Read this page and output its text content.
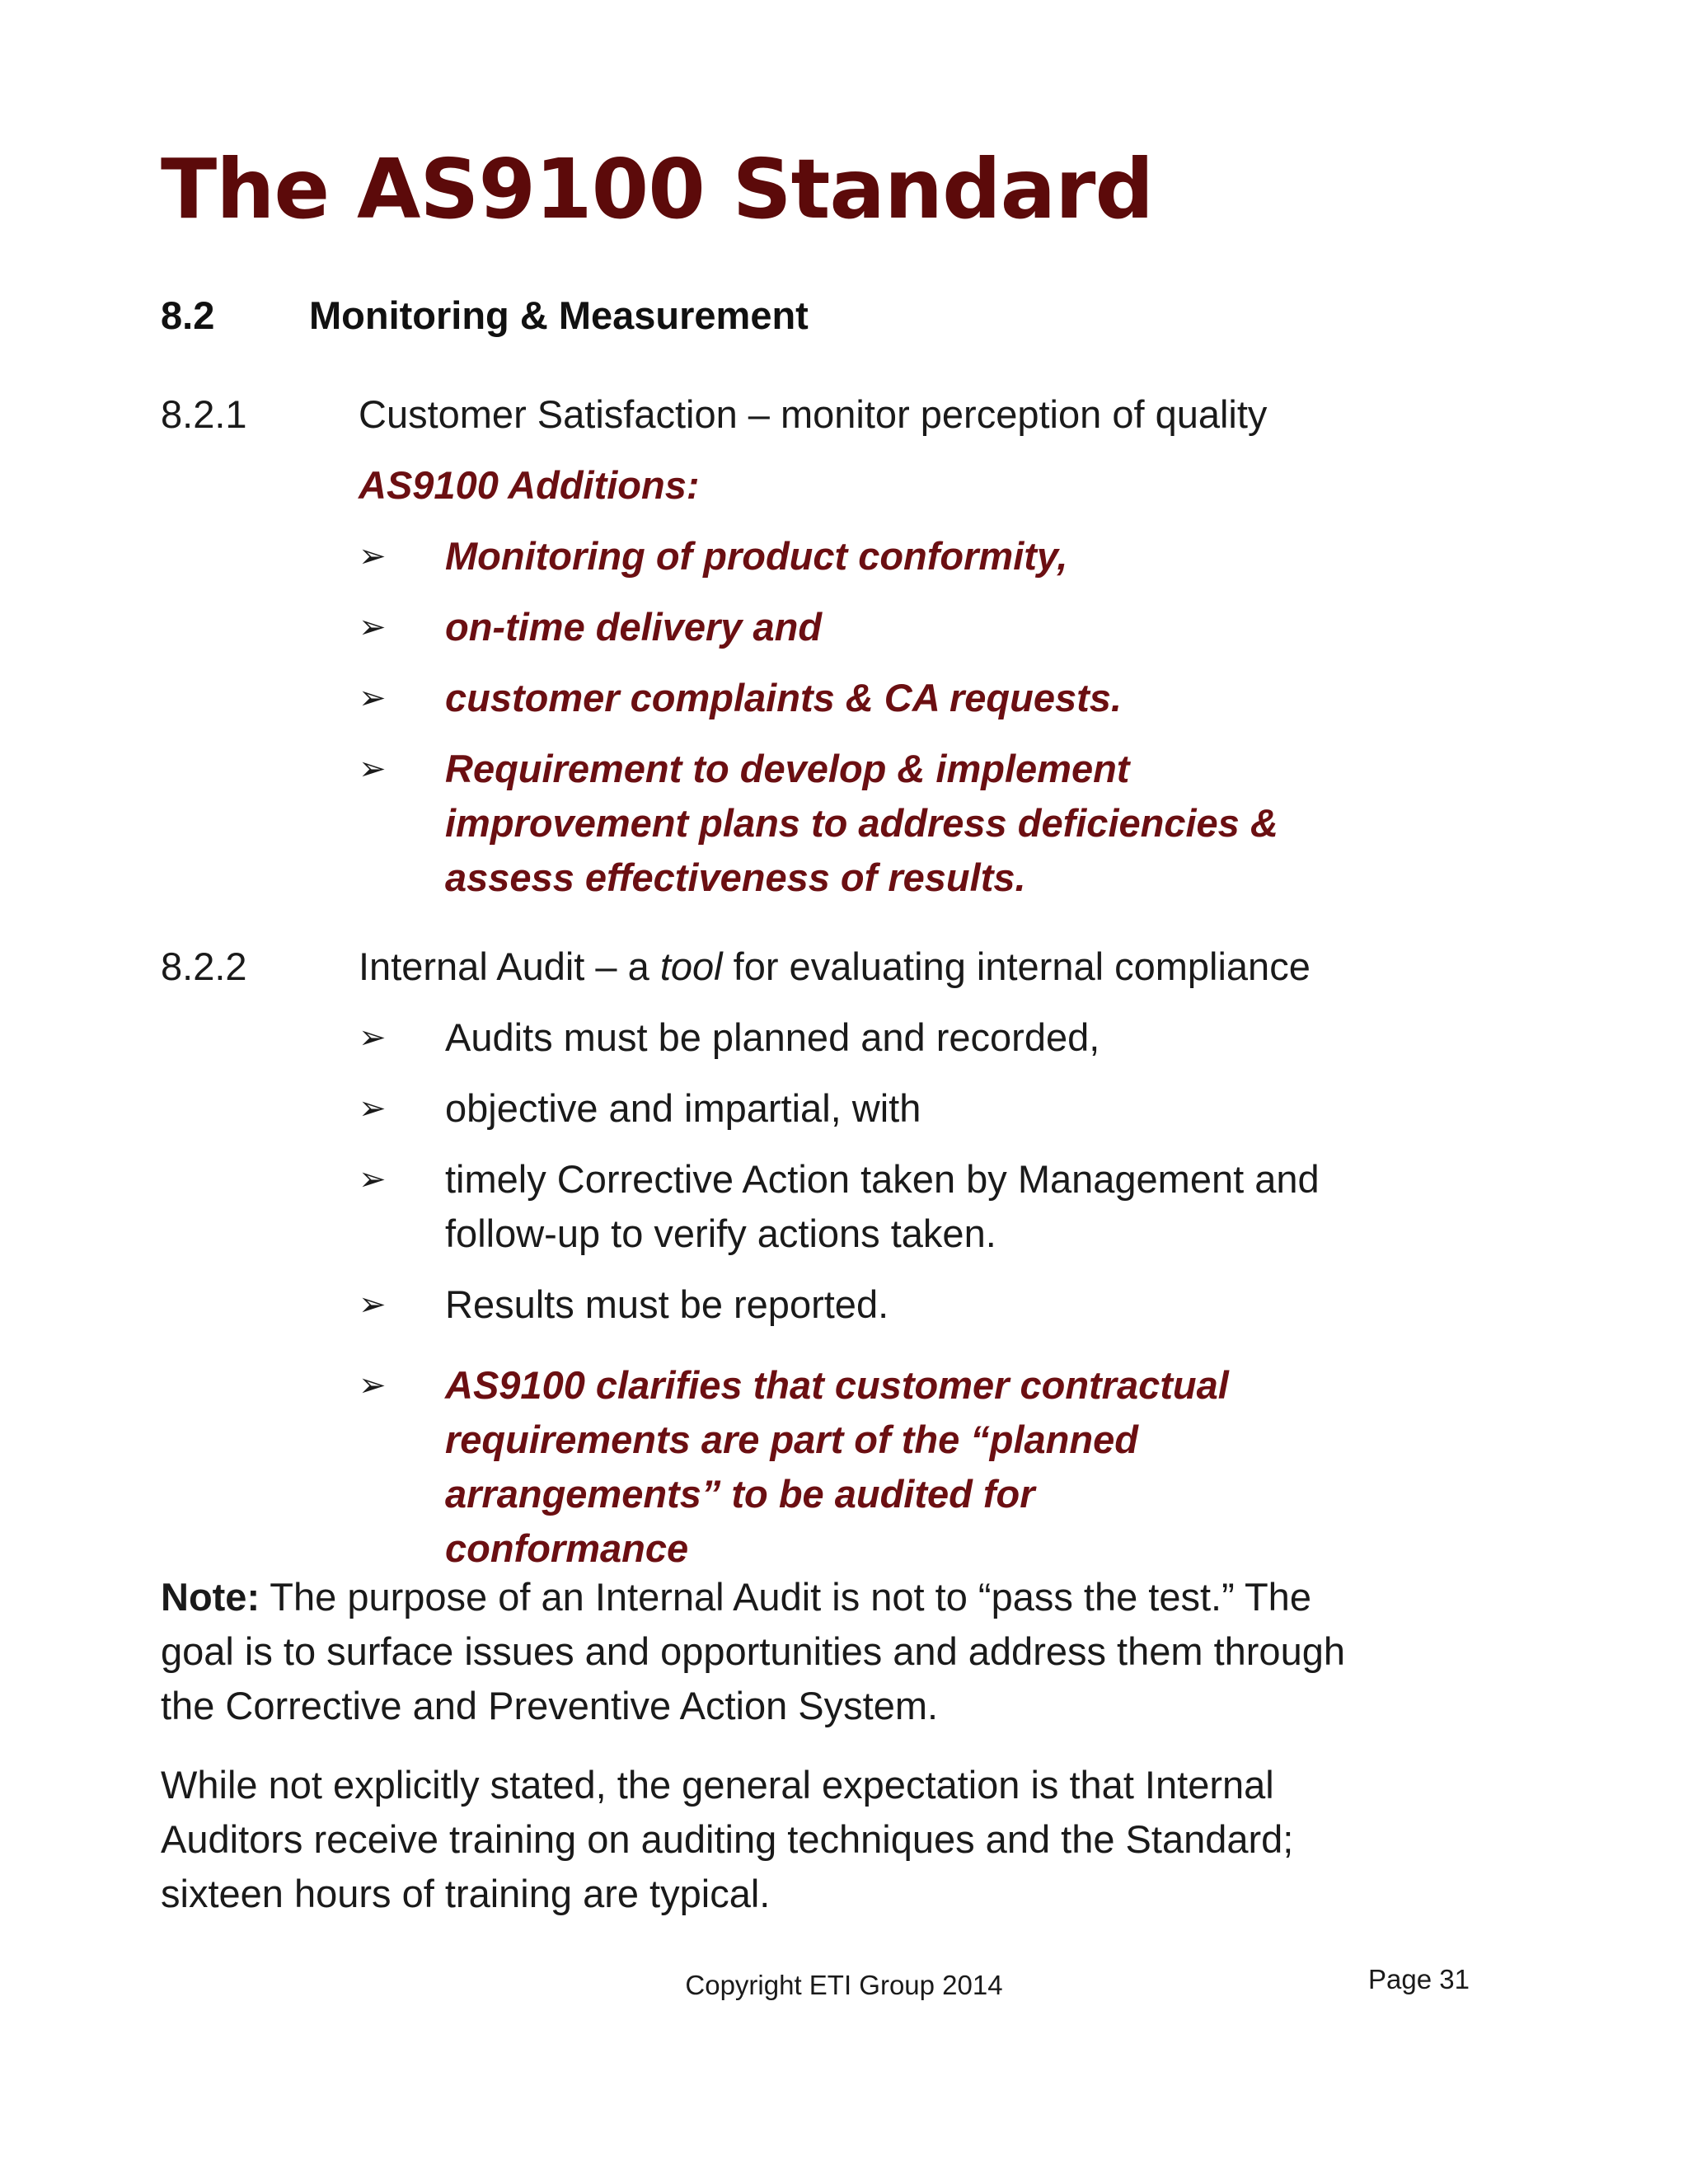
The AS9100 Standard
8.2 Monitoring & Measurement
8.2.1	Customer Satisfaction – monitor perception of quality
AS9100 Additions:
➢ Monitoring of product conformity,
➢ on-time delivery and
➢ customer complaints & CA requests.
➢ Requirement to develop & implement improvement plans to address deficiencies & assess effectiveness of results.
8.2.2	Internal Audit – a tool for evaluating internal compliance
➢ Audits must be planned and recorded,
➢ objective and impartial, with
➢ timely Corrective Action taken by Management and follow-up to verify actions taken.
➢ Results must be reported.
➢ AS9100 clarifies that customer contractual requirements are part of the “planned arrangements” to be audited for conformance

Note: The purpose of an Internal Audit is not to “pass the test.” The goal is to surface issues and opportunities and address them through the Corrective and Preventive Action System.

While not explicitly stated, the general expectation is that Internal Auditors receive training on auditing techniques and the Standard; sixteen hours of training are typical.

Copyright ETI Group 2014	Page 31
